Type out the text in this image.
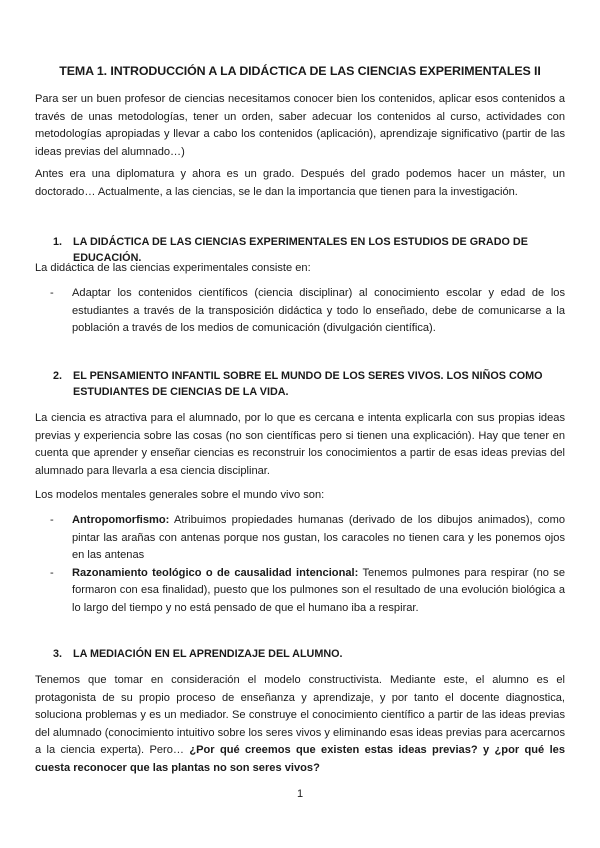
TEMA 1. INTRODUCCIÓN A LA DIDÁCTICA DE LAS CIENCIAS EXPERIMENTALES II

Para ser un buen profesor de ciencias necesitamos conocer bien los contenidos, aplicar esos contenidos a través de unas metodologías, tener un orden, saber adecuar los contenidos al curso, actividades con metodologías apropiadas y llevar a cabo los contenidos (aplicación), aprendizaje significativo (partir de las ideas previas del alumnado…)

Antes era una diplomatura y ahora es un grado. Después del grado podemos hacer un máster, un doctorado… Actualmente, a las ciencias, se le dan la importancia que tienen para la investigación.

1.	LA DIDÁCTICA DE LAS CIENCIAS EXPERIMENTALES EN LOS ESTUDIOS DE GRADO DE EDUCACIÓN.

La didáctica de las ciencias experimentales consiste en:

- Adaptar los contenidos científicos (ciencia disciplinar) al conocimiento escolar y edad de los estudiantes a través de la transposición didáctica y todo lo enseñado, debe de comunicarse a la población a través de los medios de comunicación (divulgación científica).
2.	EL PENSAMIENTO INFANTIL SOBRE EL MUNDO DE LOS SERES VIVOS. LOS NIÑOS COMO ESTUDIANTES DE CIENCIAS DE LA VIDA.

La ciencia es atractiva para el alumnado, por lo que es cercana e intenta explicarla con sus propias ideas previas y experiencia sobre las cosas (no son científicas pero si tienen una explicación). Hay que tener en cuenta que aprender y enseñar ciencias es reconstruir los conocimientos a partir de esas ideas previas del alumnado para llevarla a esa ciencia disciplinar.

Los modelos mentales generales sobre el mundo vivo son:

- Antropomorfismo: Atribuimos propiedades humanas (derivado de los dibujos animados), como pintar las arañas con antenas porque nos gustan, los caracoles no tienen cara y les ponemos ojos en las antenas
- Razonamiento teológico o de causalidad intencional: Tenemos pulmones para respirar (no se formaron con esa finalidad), puesto que los pulmones son el resultado de una evolución biológica a lo largo del tiempo y no está pensado de que el humano iba a respirar.
3.	LA MEDIACIÓN EN EL APRENDIZAJE DEL ALUMNO.

Tenemos que tomar en consideración el modelo constructivista. Mediante este, el alumno es el protagonista de su propio proceso de enseñanza y aprendizaje, y por tanto el docente diagnostica, soluciona problemas y es un mediador. Se construye el conocimiento científico a partir de las ideas previas del alumnado (conocimiento intuitivo sobre los seres vivos y eliminando esas ideas previas para acercarnos a la ciencia experta). Pero… ¿Por qué creemos que existen estas ideas previas? y ¿por qué les cuesta reconocer que las plantas no son seres vivos?

1
